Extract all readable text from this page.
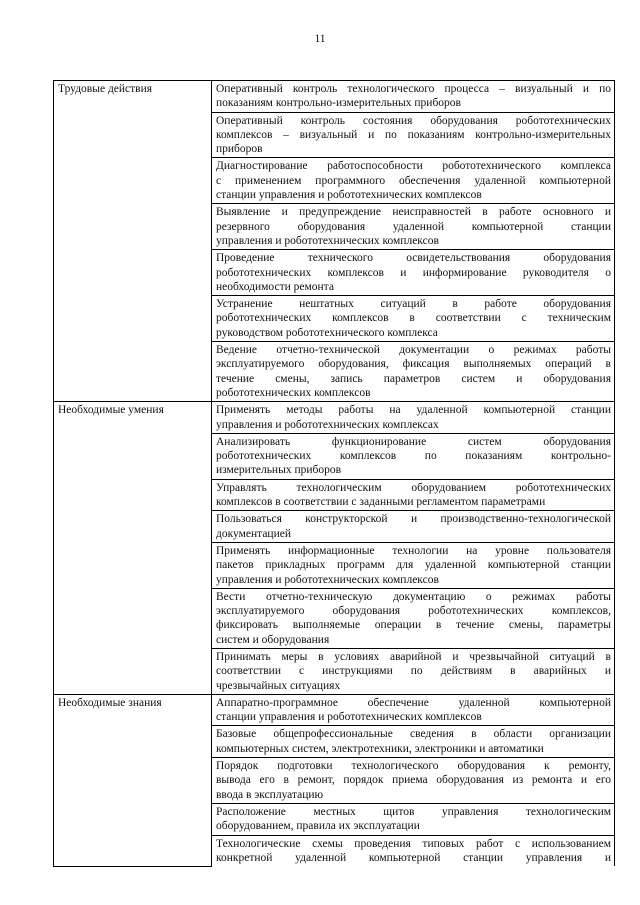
11
Трудовые действия	Оперативный контроль технологического процесса – визуальный и по
показаниям контрольно-измерительных приборов

	Оперативный контроль состояния оборудования робототехнических
комплексов – визуальный и по показаниям контрольно-измерительных
приборов

	Диагностирование работоспособности робототехнического комплекса
с применением программного обеспечения удаленной компьютерной
станции управления и робототехнических комплексов

	Выявление и предупреждение неисправностей в работе основного и
резервного оборудования удаленной компьютерной станции
управления и робототехнических комплексов

	Проведение технического освидетельствования оборудования
робототехнических комплексов и информирование руководителя о
необходимости ремонта

	Устранение нештатных ситуаций в работе оборудования
робототехнических комплексов в соответствии с техническим
руководством робототехнического комплекса

	Ведение отчетно-технической документации о режимах работы
эксплуатируемого оборудования, фиксация выполняемых операций в
течение смены, запись параметров систем и оборудования
робототехнических комплексов

Необходимые умения	Применять методы работы на удаленной компьютерной станции
управления и робототехнических комплексах

	Анализировать функционирование систем оборудования
робототехнических комплексов по показаниям контрольно-
измерительных приборов

	Управлять технологическим оборудованием робототехнических
комплексов в соответствии с заданными регламентом параметрами

	Пользоваться конструкторской и производственно-технологической
документацией

	Применять информационные технологии на уровне пользователя
пакетов прикладных программ для удаленной компьютерной станции
управления и робототехнических комплексов

	Вести отчетно-техническую документацию о режимах работы
эксплуатируемого оборудования робототехнических комплексов,
фиксировать выполняемые операции в течение смены, параметры
систем и оборудования

	Принимать меры в условиях аварийной и чрезвычайной ситуаций в
соответствии с инструкциями по действиям в аварийных и
чрезвычайных ситуациях

Необходимые знания	Аппаратно-программное обеспечение удаленной компьютерной
станции управления и робототехнических комплексов

	Базовые общепрофессиональные сведения в области организации
компьютерных систем, электротехники, электроники и автоматики

	Порядок подготовки технологического оборудования к ремонту,
вывода его в ремонт, порядок приема оборудования из ремонта и его
ввода в эксплуатацию

	Расположение местных щитов управления технологическим
оборудованием, правила их эксплуатации

	Технологические схемы проведения типовых работ с использованием
конкретной удаленной компьютерной станции управления и
